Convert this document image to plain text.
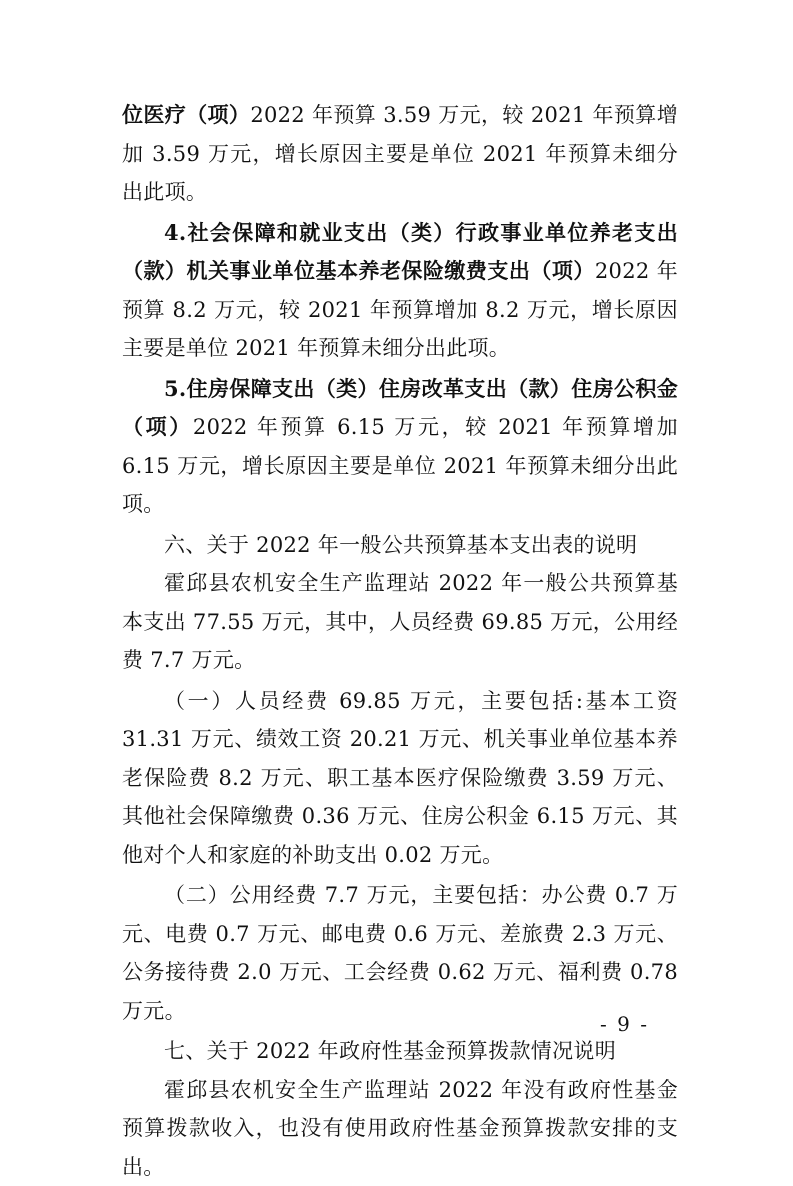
位医疗（项）2022 年预算 3.59 万元，较 2021 年预算增加 3.59 万元，增长原因主要是单位 2021 年预算未细分出此项。

4.社会保障和就业支出（类）行政事业单位养老支出（款）机关事业单位基本养老保险缴费支出（项）2022 年预算 8.2 万元，较 2021 年预算增加 8.2 万元，增长原因主要是单位 2021 年预算未细分出此项。

5.住房保障支出（类）住房改革支出（款）住房公积金（项）2022 年预算 6.15 万元，较 2021 年预算增加 6.15 万元，增长原因主要是单位 2021 年预算未细分出此项。

六、关于 2022 年一般公共预算基本支出表的说明

霍邱县农机安全生产监理站 2022 年一般公共预算基本支出 77.55 万元，其中，人员经费 69.85 万元，公用经费 7.7 万元。

（一）人员经费 69.85 万元，主要包括:基本工资 31.31 万元、绩效工资 20.21 万元、机关事业单位基本养老保险费 8.2 万元、职工基本医疗保险缴费 3.59 万元、其他社会保障缴费 0.36 万元、住房公积金 6.15 万元、其他对个人和家庭的补助支出 0.02 万元。

（二）公用经费 7.7 万元，主要包括：办公费 0.7 万元、电费 0.7 万元、邮电费 0.6 万元、差旅费 2.3 万元、公务接待费 2.0 万元、工会经费 0.62 万元、福利费 0.78 万元。

七、关于 2022 年政府性基金预算拨款情况说明

霍邱县农机安全生产监理站 2022 年没有政府性基金预算拨款收入，也没有使用政府性基金预算拨款安排的支出。

- 9 -
